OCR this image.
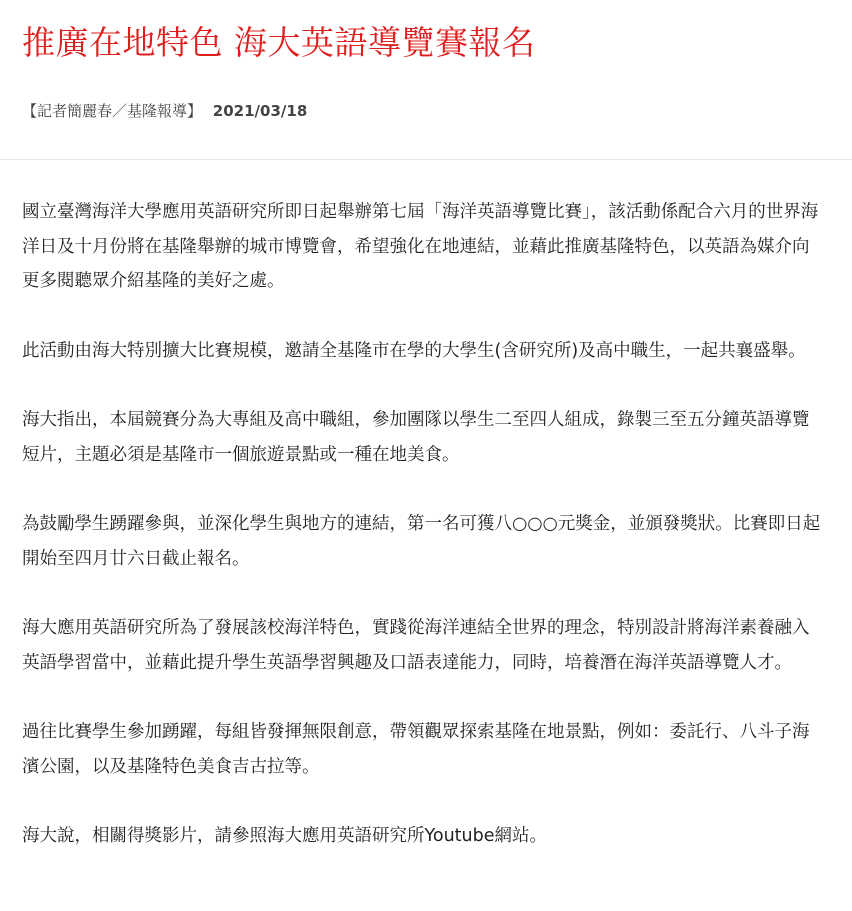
推廣在地特色 海大英語導覽賽報名
【記者簡麗春／基隆報導】 2021/03/18

國立臺灣海洋大學應用英語研究所即日起舉辦第七屆「海洋英語導覽比賽」，該活動係配合六月的世界海洋日及十月份將在基隆舉辦的城市博覽會，希望強化在地連結，並藉此推廣基隆特色，以英語為媒介向更多閱聽眾介紹基隆的美好之處。

此活動由海大特別擴大比賽規模，邀請全基隆市在學的大學生(含研究所)及高中職生，一起共襄盛舉。

海大指出，本屆競賽分為大專組及高中職組，參加團隊以學生二至四人組成，錄製三至五分鐘英語導覽短片，主題必須是基隆市一個旅遊景點或一種在地美食。

為鼓勵學生踴躍參與，並深化學生與地方的連結，第一名可獲八○○○元獎金，並頒發獎狀。比賽即日起開始至四月廿六日截止報名。

海大應用英語研究所為了發展該校海洋特色，實踐從海洋連結全世界的理念，特別設計將海洋素養融入英語學習當中，並藉此提升學生英語學習興趣及口語表達能力，同時，培養潛在海洋英語導覽人才。

過往比賽學生參加踴躍，每組皆發揮無限創意，帶領觀眾探索基隆在地景點，例如：委託行、八斗子海濱公園，以及基隆特色美食吉古拉等。

海大說，相關得獎影片，請參照海大應用英語研究所Youtube網站。
